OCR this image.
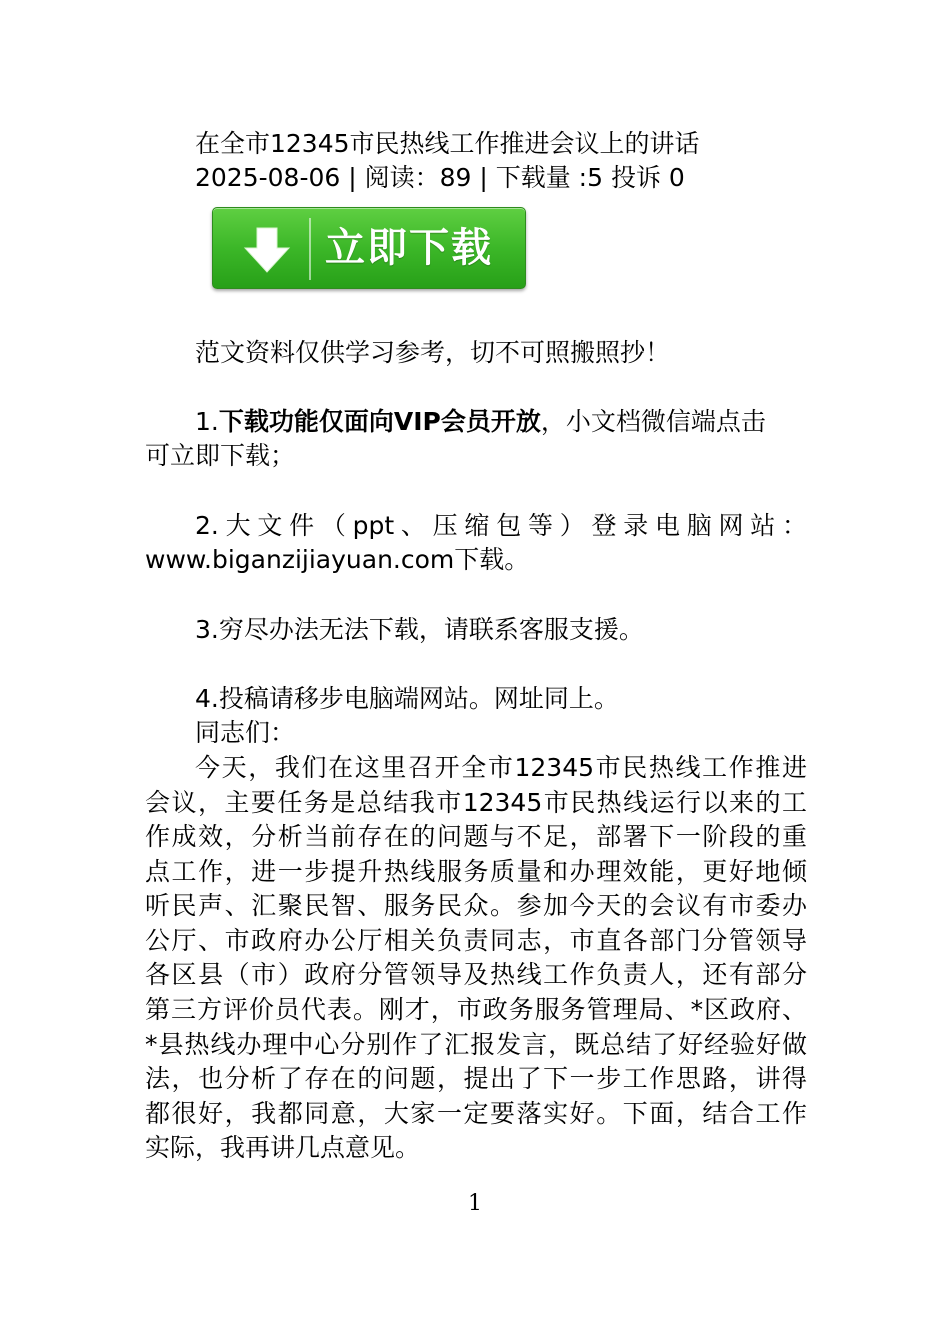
在全市12345市民热线工作推进会议上的讲话

2025-08-06 | 阅读：89 | 下载量 :5 投诉 0

立即下载

范文资料仅供学习参考，切不可照搬照抄！

1.下载功能仅面向VIP会员开放，小文档微信端点击

可立即下载；

2.大文件（ppt、压缩包等）登录电脑网站：

www.biganzijiayuan.com下载。

3.穷尽办法无法下载，请联系客服支援。

4.投稿请移步电脑端网站。网址同上。

同志们：

今天，我们在这里召开全市12345市民热线工作推进

会议，主要任务是总结我市12345市民热线运行以来的工

作成效，分析当前存在的问题与不足，部署下一阶段的重

点工作，进一步提升热线服务质量和办理效能，更好地倾

听民声、汇聚民智、服务民众。参加今天的会议有市委办

公厅、市政府办公厅相关负责同志，市直各部门分管领导

各区县（市）政府分管领导及热线工作负责人，还有部分

第三方评价员代表。刚才，市政务服务管理局、*区政府、

*县热线办理中心分别作了汇报发言，既总结了好经验好做

法，也分析了存在的问题，提出了下一步工作思路，讲得

都很好，我都同意，大家一定要落实好。下面，结合工作

实际，我再讲几点意见。

1
